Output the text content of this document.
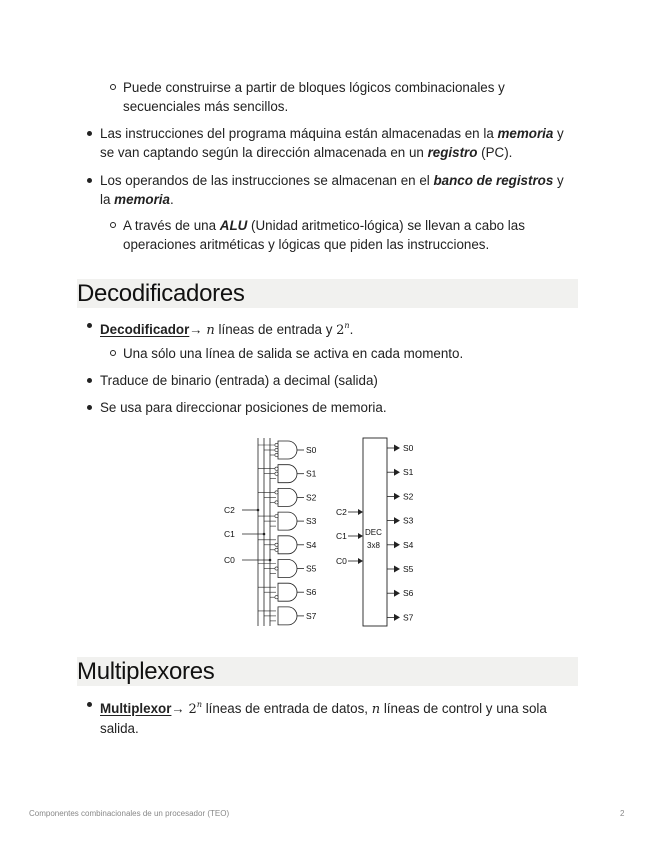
Puede construirse a partir de bloques lógicos combinacionales y
secuenciales más sencillos.
Las instrucciones del programa máquina están almacenadas en la memoria y
se van captando según la dirección almacenada en un registro (PC).
Los operandos de las instrucciones se almacenan en el banco de registros y
la memoria.
A través de una ALU (Unidad aritmetico-lógica) se llevan a cabo las
operaciones aritméticas y lógicas que piden las instrucciones.
Decodificadores
Decodificador→ n líneas de entrada y 2$^n$.
Una sólo una línea de salida se activa en cada momento.
Traduce de binario (entrada) a decimal (salida)
Se usa para direccionar posiciones de memoria.
S0
S1
S2
S3
S4
S5
S6
S7
C2
C1
C0
DEC
3x8
C2
C1
C0
S0
S1
S2
S3
S4
S5
S6
S7
Multiplexores
Multiplexor→ $2^n$ líneas de entrada de datos, n líneas de control y una sola
salida.
Componentes combinacionales de un procesador (TEO)	2
